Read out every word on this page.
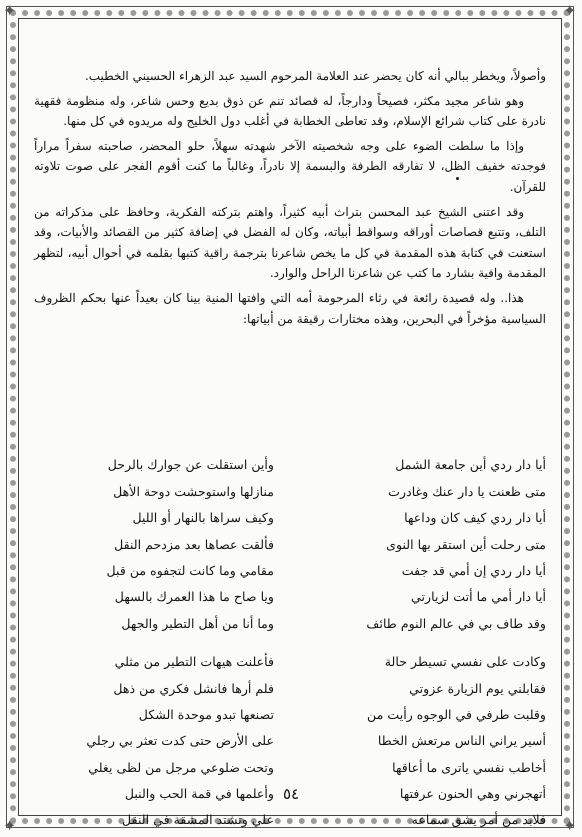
✦	✦
✦	✦

وأصولاً، ويخطر ببالي أنه كان يحضر عند العلامة المرحوم السيد عبد الزهراء الحسيني الخطيب.

وهو شاعر مجيد مكثر، فصيحاً ودارجاً، له قصائد تنم عن ذوق بديع وحس شاعر، وله منظومة فقهية نادرة على كتاب شرائع الإسلام، وقد تعاطى الخطابة في أغلب دول الخليج وله مريدوه في كل منها.

وإذا ما سلطت الضوء على وجه شخصيته الآخر شهدته سهلاً، حلو المحضر، صاحبته سفراً مراراً فوجدته خفيف الظل، لا تفارقه الطرفة والبسمة إلا نادراً، وغالباً ما كنت أقوم الفجر على صوت تلاوته للقرآن.

وقد اعتنى الشيخ عبد المحسن بتراث أبيه كثيراً، واهتم بتركته الفكرية، وحافظ على مذكراته من التلف، وتتبع قصاصات أوراقه وسواقط أبياته، وكان له الفضل في إضافة كثير من القصائد والأبيات، وقد استعنت في كتابة هذه المقدمة في كل ما يخص شاعرنا بترجمة راقية كتبها بقلمه في أحوال أبيه، لتظهر المقدمة وافية بشارد ما كتب عن شاعرنا الراحل والوارد.

هذا.. وله قصيدة رائعة في رثاء المرحومة أمه التي وافتها المنية بينا كان بعيداً عنها بحكم الظروف السياسية مؤخراً في البحرين، وهذه مختارات رقيقة من أبياتها:

أيا دار ردي أين جامعة الشمل
وأين استقلت عن جوارك بالرحل
متى ظعنت يا دار عنك وغادرت
منازلها واستوحشت دوحة الأهل
أيا دار ردي كيف كان وداعها
وكيف سراها بالنهار أو الليل
متى رحلت أين استقر بها النوى
فألقت عصاها بعد مزدحم النقل
أيا دار ردي إن أمي قد جفت
مقامي وما كانت لتجفوه من قبل
أيا دار أمي ما أتت لزيارتي
ويا صاح ما هذا العمرك بالسهل
وقد طاف بي في عالم النوم طائف
وما أنا من أهل التطير والجهل
وكادت على نفسي تسيطر حالة
فأعلنت هيهات التطير من مثلي
فقابلني يوم الزيارة عزوتي
فلم أرها فانشل فكري من ذهل
وقلبت طرفي في الوجوه رأيت من
تصنعها تبدو موحدة الشكل
أسير يراني الناس مرتعش الخطا
على الأرض حتى كدت تعثر بي رجلي
أخاطب نفسي ياترى ما أعاقها
وتحت ضلوعي مرجل من لظى يغلي
أتهجرني وهي الحنون عرفتها
وأعلمها في قمة الحب والنبل
فلابد من أمر يشق سماعه
علي وتشتد المشقة في النقل
٥٤
